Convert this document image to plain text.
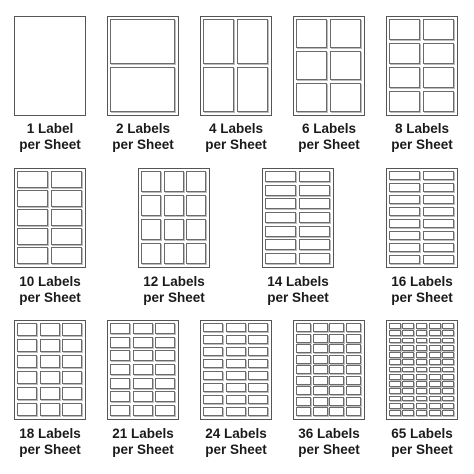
1 Label
per Sheet
2 Labels
per Sheet
4 Labels
per Sheet
6 Labels
per Sheet
8 Labels
per Sheet
10 Labels
per Sheet
12 Labels
per Sheet
14 Labels
per Sheet
16 Labels
per Sheet
18 Labels
per Sheet
21 Labels
per Sheet
24 Labels
per Sheet
36 Labels
per Sheet
65 Labels
per Sheet
